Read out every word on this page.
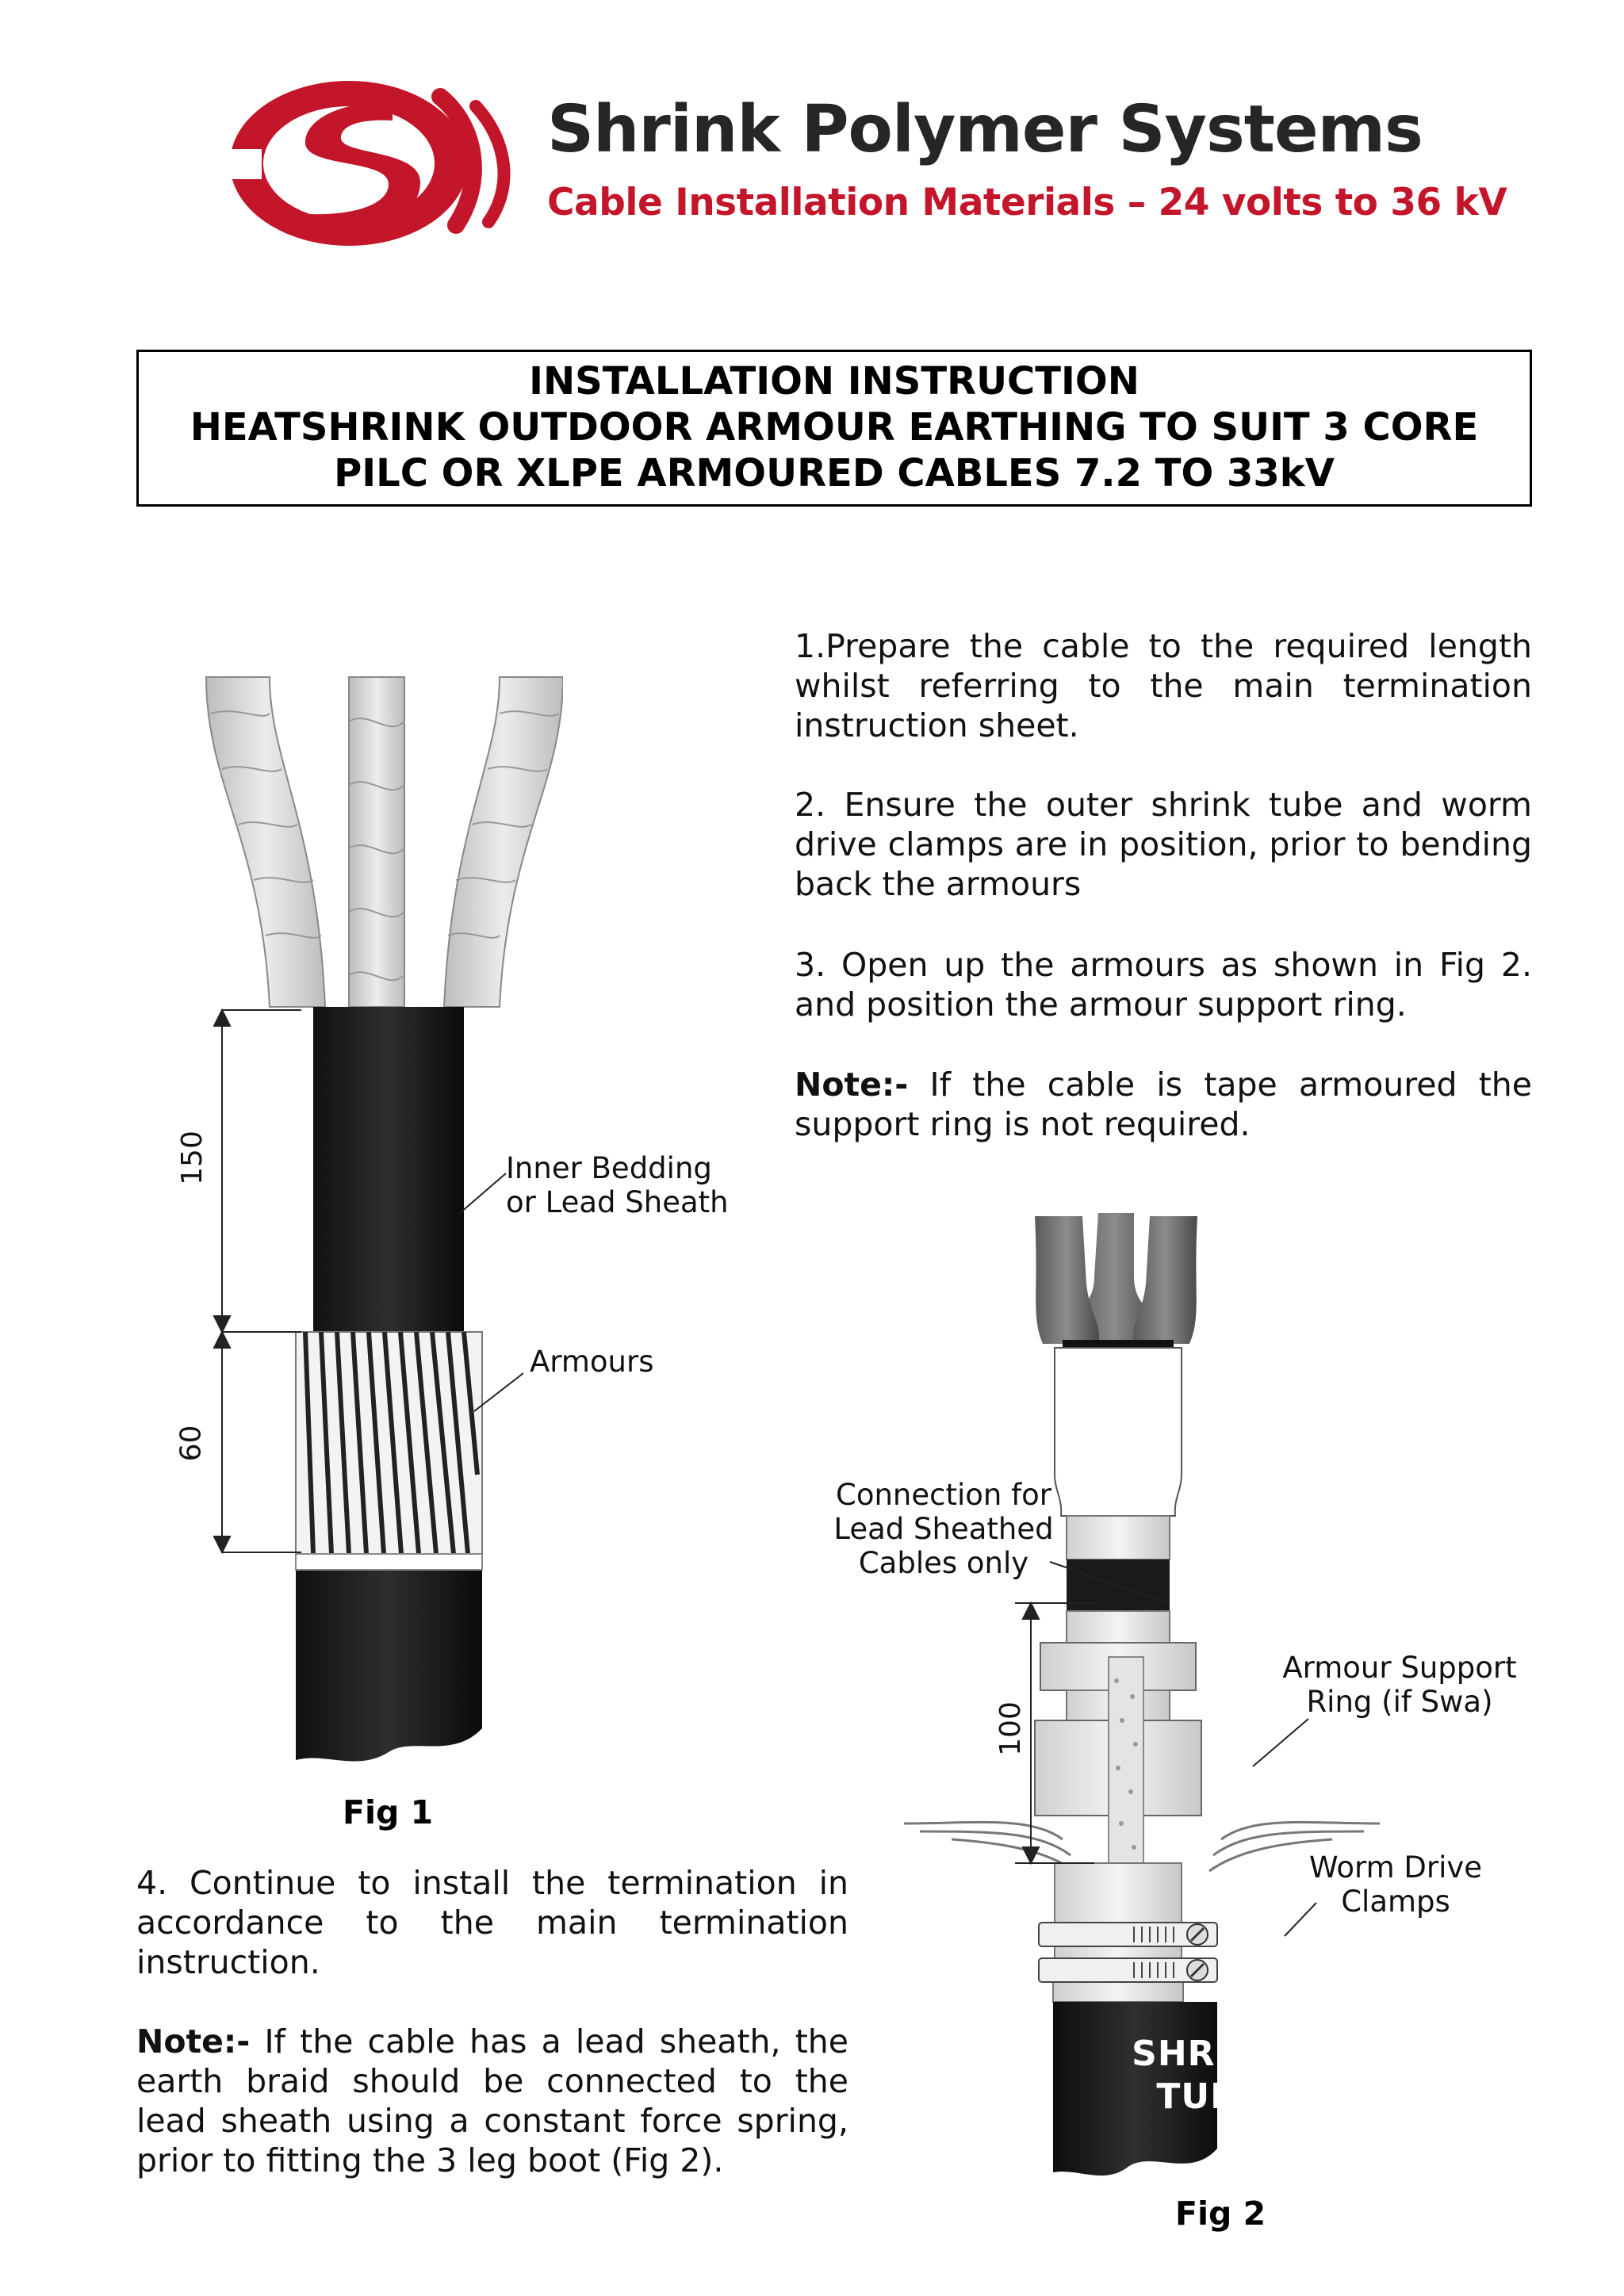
Shrink Polymer Systems
Cable Installation Materials – 24 volts to 36 kV
INSTALLATION INSTRUCTION
HEATSHRINK OUTDOOR ARMOUR EARTHING TO SUIT 3 CORE
PILC OR XLPE ARMOURED CABLES 7.2 TO 33kV
1.Prepare the cable to the required length whilst referring to the main termination instruction sheet.
2. Ensure the outer shrink tube and worm drive clamps are in position, prior to bending back the armours
3. Open up the armours as shown in Fig 2. and position the armour support ring.
Note:- If the cable is tape armoured the support ring is not required.
4. Continue to install the termination in accordance to the main termination instruction.
Note:- If the cable has a lead sheath, the earth braid should be connected to the lead sheath using a constant force spring, prior to fitting the 3 leg boot (Fig 2).
150
60
Inner Bedding
or Lead Sheath
Armours
Fig 1
100
Connection for
Lead Sheathed
Cables only
Armour Support
Ring (if Swa)
Worm Drive
Clamps
SHRINK
TUBE
Fig 2
